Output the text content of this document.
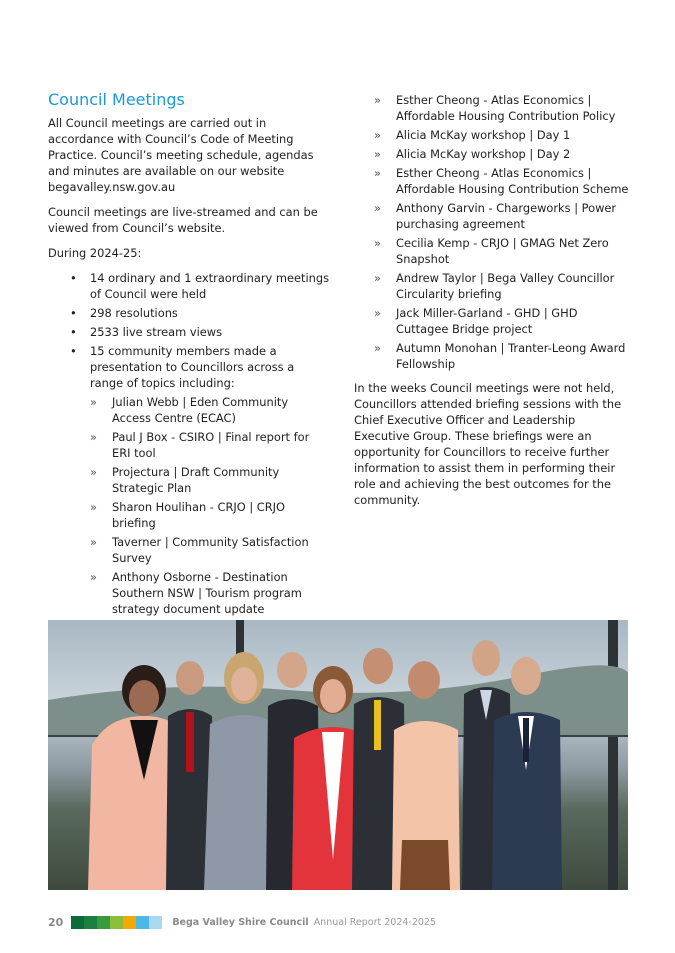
Council Meetings

All Council meetings are carried out in accordance with Council’s Code of Meeting Practice. Council’s meeting schedule, agendas and minutes are available on our website begavalley.nsw.gov.au

Council meetings are live-streamed and can be viewed from Council’s website.

During 2024-25:

• 14 ordinary and 1 extraordinary meetings of Council were held
• 298 resolutions
• 2533 live stream views
• 15 community members made a presentation to Councillors across a range of topics including:
» Julian Webb | Eden Community Access Centre (ECAC)
» Paul J Box - CSIRO | Final report for ERI tool
» Projectura | Draft Community Strategic Plan
» Sharon Houlihan - CRJO | CRJO briefing
» Taverner | Community Satisfaction Survey
» Anthony Osborne - Destination Southern NSW | Tourism program strategy document update
» Esther Cheong - Atlas Economics | Affordable Housing Contribution Policy
» Alicia McKay workshop | Day 1
» Alicia McKay workshop | Day 2
» Esther Cheong - Atlas Economics | Affordable Housing Contribution Scheme
» Anthony Garvin - Chargeworks | Power purchasing agreement
» Cecilia Kemp - CRJO | GMAG Net Zero Snapshot
» Andrew Taylor | Bega Valley Councillor Circularity briefing
» Jack Miller-Garland - GHD | GHD Cuttagee Bridge project
» Autumn Monohan | Tranter-Leong Award Fellowship

In the weeks Council meetings were not held, Councillors attended briefing sessions with the Chief Executive Officer and Leadership Executive Group. These briefings were an opportunity for Councillors to receive further information to assist them in performing their role and achieving the best outcomes for the community.

20	Bega Valley Shire Council Annual Report 2024-2025
